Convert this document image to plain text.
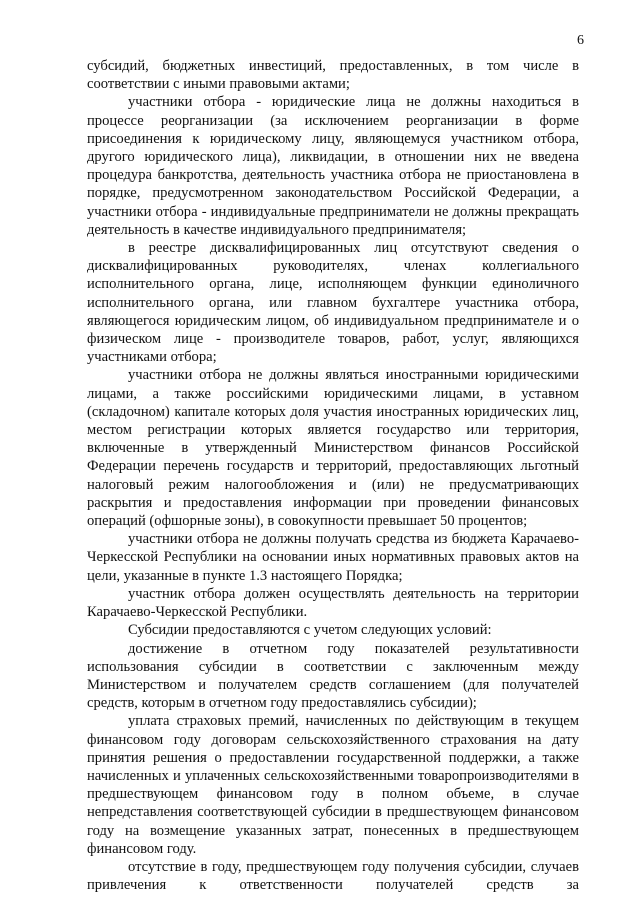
6

субсидий, бюджетных инвестиций, предоставленных, в том числе в соответствии с иными правовыми актами;

участники отбора - юридические лица не должны находиться в процессе реорганизации (за исключением реорганизации в форме присоединения к юридическому лицу, являющемуся участником отбора, другого юридического лица), ликвидации, в отношении них не введена процедура банкротства, деятельность участника отбора не приостановлена в порядке, предусмотренном законодательством Российской Федерации, а участники отбора - индивидуальные предприниматели не должны прекращать деятельность в качестве индивидуального предпринимателя;

в реестре дисквалифицированных лиц отсутствуют сведения о дисквалифицированных руководителях, членах коллегиального исполнительного органа, лице, исполняющем функции единоличного исполнительного органа, или главном бухгалтере участника отбора, являющегося юридическим лицом, об индивидуальном предпринимателе и о физическом лице - производителе товаров, работ, услуг, являющихся участниками отбора;

участники отбора не должны являться иностранными юридическими лицами, а также российскими юридическими лицами, в уставном (складочном) капитале которых доля участия иностранных юридических лиц, местом регистрации которых является государство или территория, включенные в утвержденный Министерством финансов Российской Федерации перечень государств и территорий, предоставляющих льготный налоговый режим налогообложения и (или) не предусматривающих раскрытия и предоставления информации при проведении финансовых операций (офшорные зоны), в совокупности превышает 50 процентов;

участники отбора не должны получать средства из бюджета Карачаево-Черкесской Республики на основании иных нормативных правовых актов на цели, указанные в пункте 1.3 настоящего Порядка;

участник отбора должен осуществлять деятельность на территории Карачаево-Черкесской Республики.

Субсидии предоставляются с учетом следующих условий:

достижение в отчетном году показателей результативности использования субсидии в соответствии с заключенным между Министерством и получателем средств соглашением (для получателей средств, которым в отчетном году предоставлялись субсидии);

уплата страховых премий, начисленных по действующим в текущем финансовом году договорам сельскохозяйственного страхования на дату принятия решения о предоставлении государственной поддержки, а также начисленных и уплаченных сельскохозяйственными товаропроизводителями в предшествующем финансовом году в полном объеме, в случае непредставления соответствующей субсидии в предшествующем финансовом году на возмещение указанных затрат, понесенных в предшествующем финансовом году.

отсутствие в году, предшествующем году получения субсидии, случаев привлечения к ответственности получателей средств за
